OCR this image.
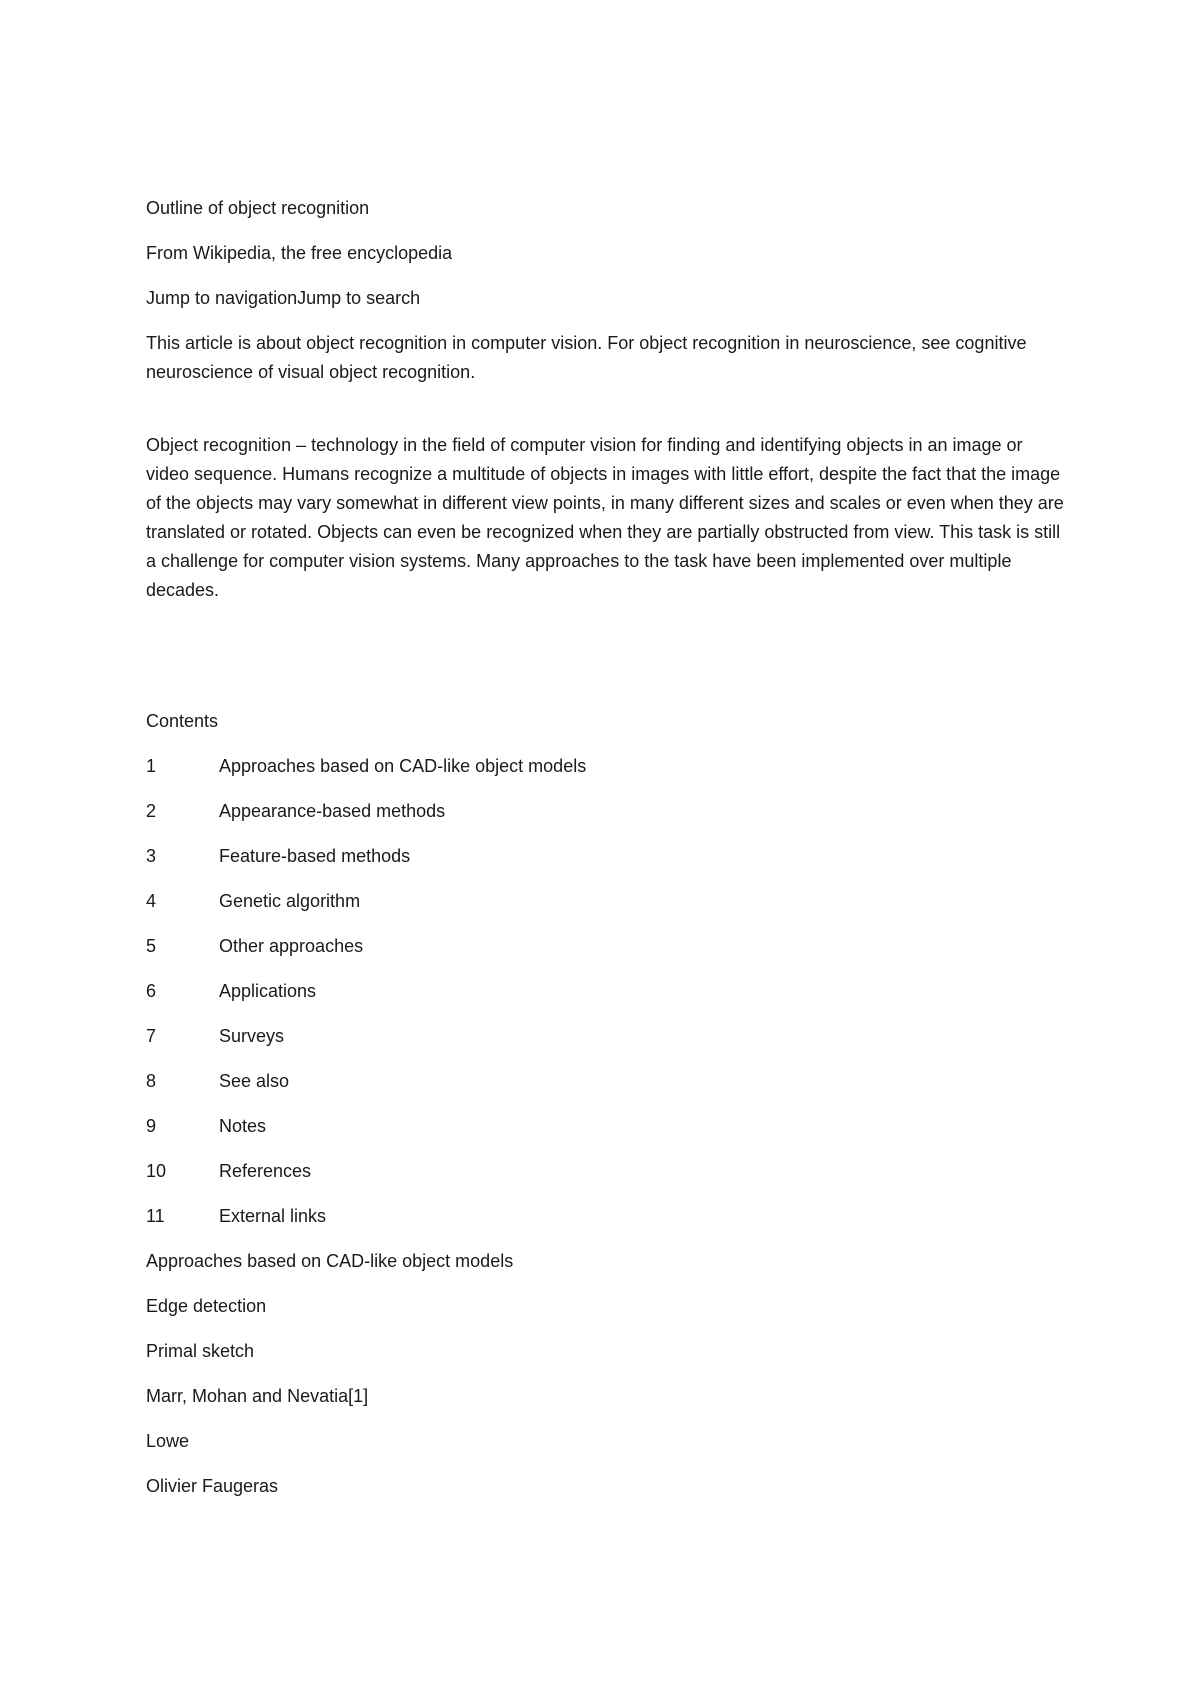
Outline of object recognition

From Wikipedia, the free encyclopedia

Jump to navigationJump to search

This article is about object recognition in computer vision. For object recognition in neuroscience, see cognitive neuroscience of visual object recognition.

Object recognition – technology in the field of computer vision for finding and identifying objects in an image or video sequence. Humans recognize a multitude of objects in images with little effort, despite the fact that the image of the objects may vary somewhat in different view points, in many different sizes and scales or even when they are translated or rotated. Objects can even be recognized when they are partially obstructed from view. This task is still a challenge for computer vision systems. Many approaches to the task have been implemented over multiple decades.

Contents

1	Approaches based on CAD-like object models
2	Appearance-based methods
3	Feature-based methods
4	Genetic algorithm
5	Other approaches
6	Applications
7	Surveys
8	See also
9	Notes
10	References
11	External links

Approaches based on CAD-like object models

Edge detection

Primal sketch

Marr, Mohan and Nevatia[1]

Lowe

Olivier Faugeras
